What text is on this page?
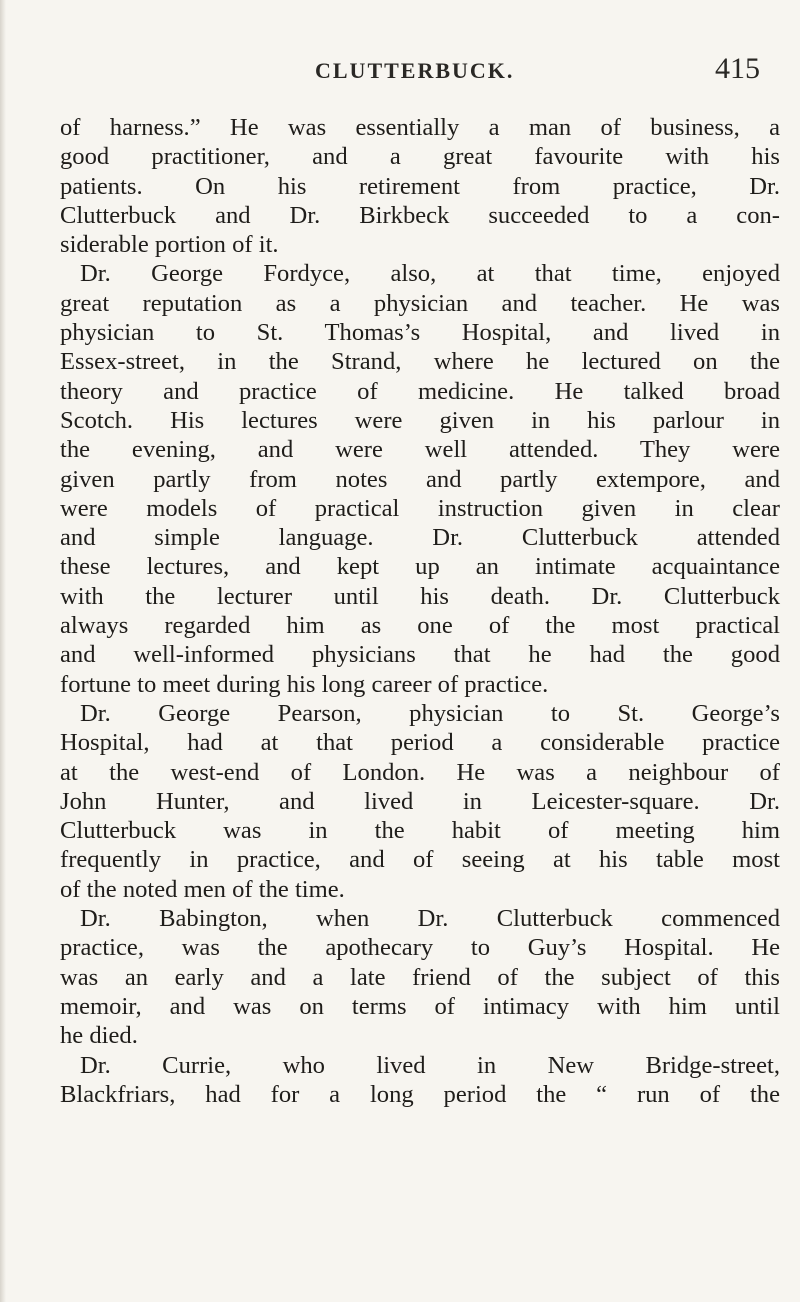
CLUTTERBUCK.	415
of harness.” He was essentially a man of business, a
good practitioner, and a great favourite with his
patients. On his retirement from practice, Dr.
Clutterbuck and Dr. Birkbeck succeeded to a con-
siderable portion of it.
Dr. George Fordyce, also, at that time, enjoyed
great reputation as a physician and teacher. He was
physician to St. Thomas’s Hospital, and lived in
Essex-street, in the Strand, where he lectured on the
theory and practice of medicine. He talked broad
Scotch. His lectures were given in his parlour in
the evening, and were well attended. They were
given partly from notes and partly extempore, and
were models of practical instruction given in clear
and simple language. Dr. Clutterbuck attended
these lectures, and kept up an intimate acquaintance
with the lecturer until his death. Dr. Clutterbuck
always regarded him as one of the most practical
and well-informed physicians that he had the good
fortune to meet during his long career of practice.
Dr. George Pearson, physician to St. George’s
Hospital, had at that period a considerable practice
at the west-end of London. He was a neighbour of
John Hunter, and lived in Leicester-square. Dr.
Clutterbuck was in the habit of meeting him
frequently in practice, and of seeing at his table most
of the noted men of the time.
Dr. Babington, when Dr. Clutterbuck commenced
practice, was the apothecary to Guy’s Hospital. He
was an early and a late friend of the subject of this
memoir, and was on terms of intimacy with him until
he died.
Dr. Currie, who lived in New Bridge-street,
Blackfriars, had for a long period the “ run of the
